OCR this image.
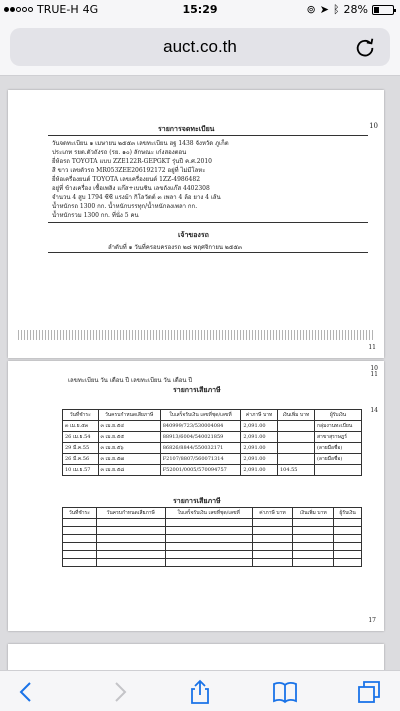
TRUE-H 4G	15:29	⊚ ➤ ᛒ 28%
auct.co.th
10
รายการจดทะเบียน
วันจดทะเบียน ๑ เมษายน ๒๕๕๓ เลขทะเบียน ฮฐ 1438 จังหวัด ภูเก็ต
ประเภท รยต.ตัวถังรถ (รย. ๑๐) ลักษณะ เก๋งสองตอน
ยี่ห้อรถ TOYOTA แบบ ZZE122R-GEPGKT รุ่นปี ค.ศ.2010
สี ขาว เลขตัวรถ MR053ZEE206192172 อยู่ที่ ไม่มีโลหะ
ยี่ห้อเครื่องยนต์ TOYOTA เลขเครื่องยนต์ 1ZZ-4986482
อยู่ที่ ข้างเครื่อง เชื้อเพลิง แก๊ส+เบนซิน เลขถังแก๊ส 4402308
จำนวน 4 สูบ 1794 ซีซี แรงม้า กิโลวัตต์ ๓ เพลา 4 ล้อ ยาง 4 เส้น
น้ำหนักรถ 1300 กก. น้ำหนักบรรทุก/น้ำหนักลงเพลา กก.
น้ำหนักรวม 1300 กก. ที่นั่ง 5 คน
เจ้าของรถ
ลำดับที่ ๑ วันที่ครอบครองรถ ๒๘ พฤศจิกายน ๒๕๕๓
11
10
11
เลขทะเบียน วัน เดือน ปี เลขทะเบียน วัน เดือน ปี
รายการเสียภาษี
14
วันที่ชำระ	วันครบกำหนดเสียภาษี	ใบเสร็จรับเงิน เลขที่ชุด/เลขที่	ค่าภาษี บาท	เงินเพิ่ม บาท	ผู้รับเงิน
๓ เม.ย.๕๓	๓ เม.ย.๕๔	840999/723/530004084	2,091.00		กลุ่มงานทะเบียน
26 เม.ย.54	๓ เม.ย.๕๕	88913/6004/540021859	2,091.00		สาขาสุราษฎร์
29 มี.ค.55	๓ เม.ย.๕๖	86826/8844/550032171	2,091.00		(ลายมือชื่อ)
26 มี.ค.56	๓ เม.ย.๕๗	F2107/8807/560071314	2,091.00		(ลายมือชื่อ)
10 เม.ย.57	๓ เม.ย.๕๘	F52001/0005/570094757	2,091.00	104.55	
รายการเสียภาษี
วันที่ชำระ	วันครบกำหนดเสียภาษี	ใบเสร็จรับเงิน เลขที่ชุด/เลขที่	ค่าภาษี บาท	เงินเพิ่ม บาท	ผู้รับเงิน

17
